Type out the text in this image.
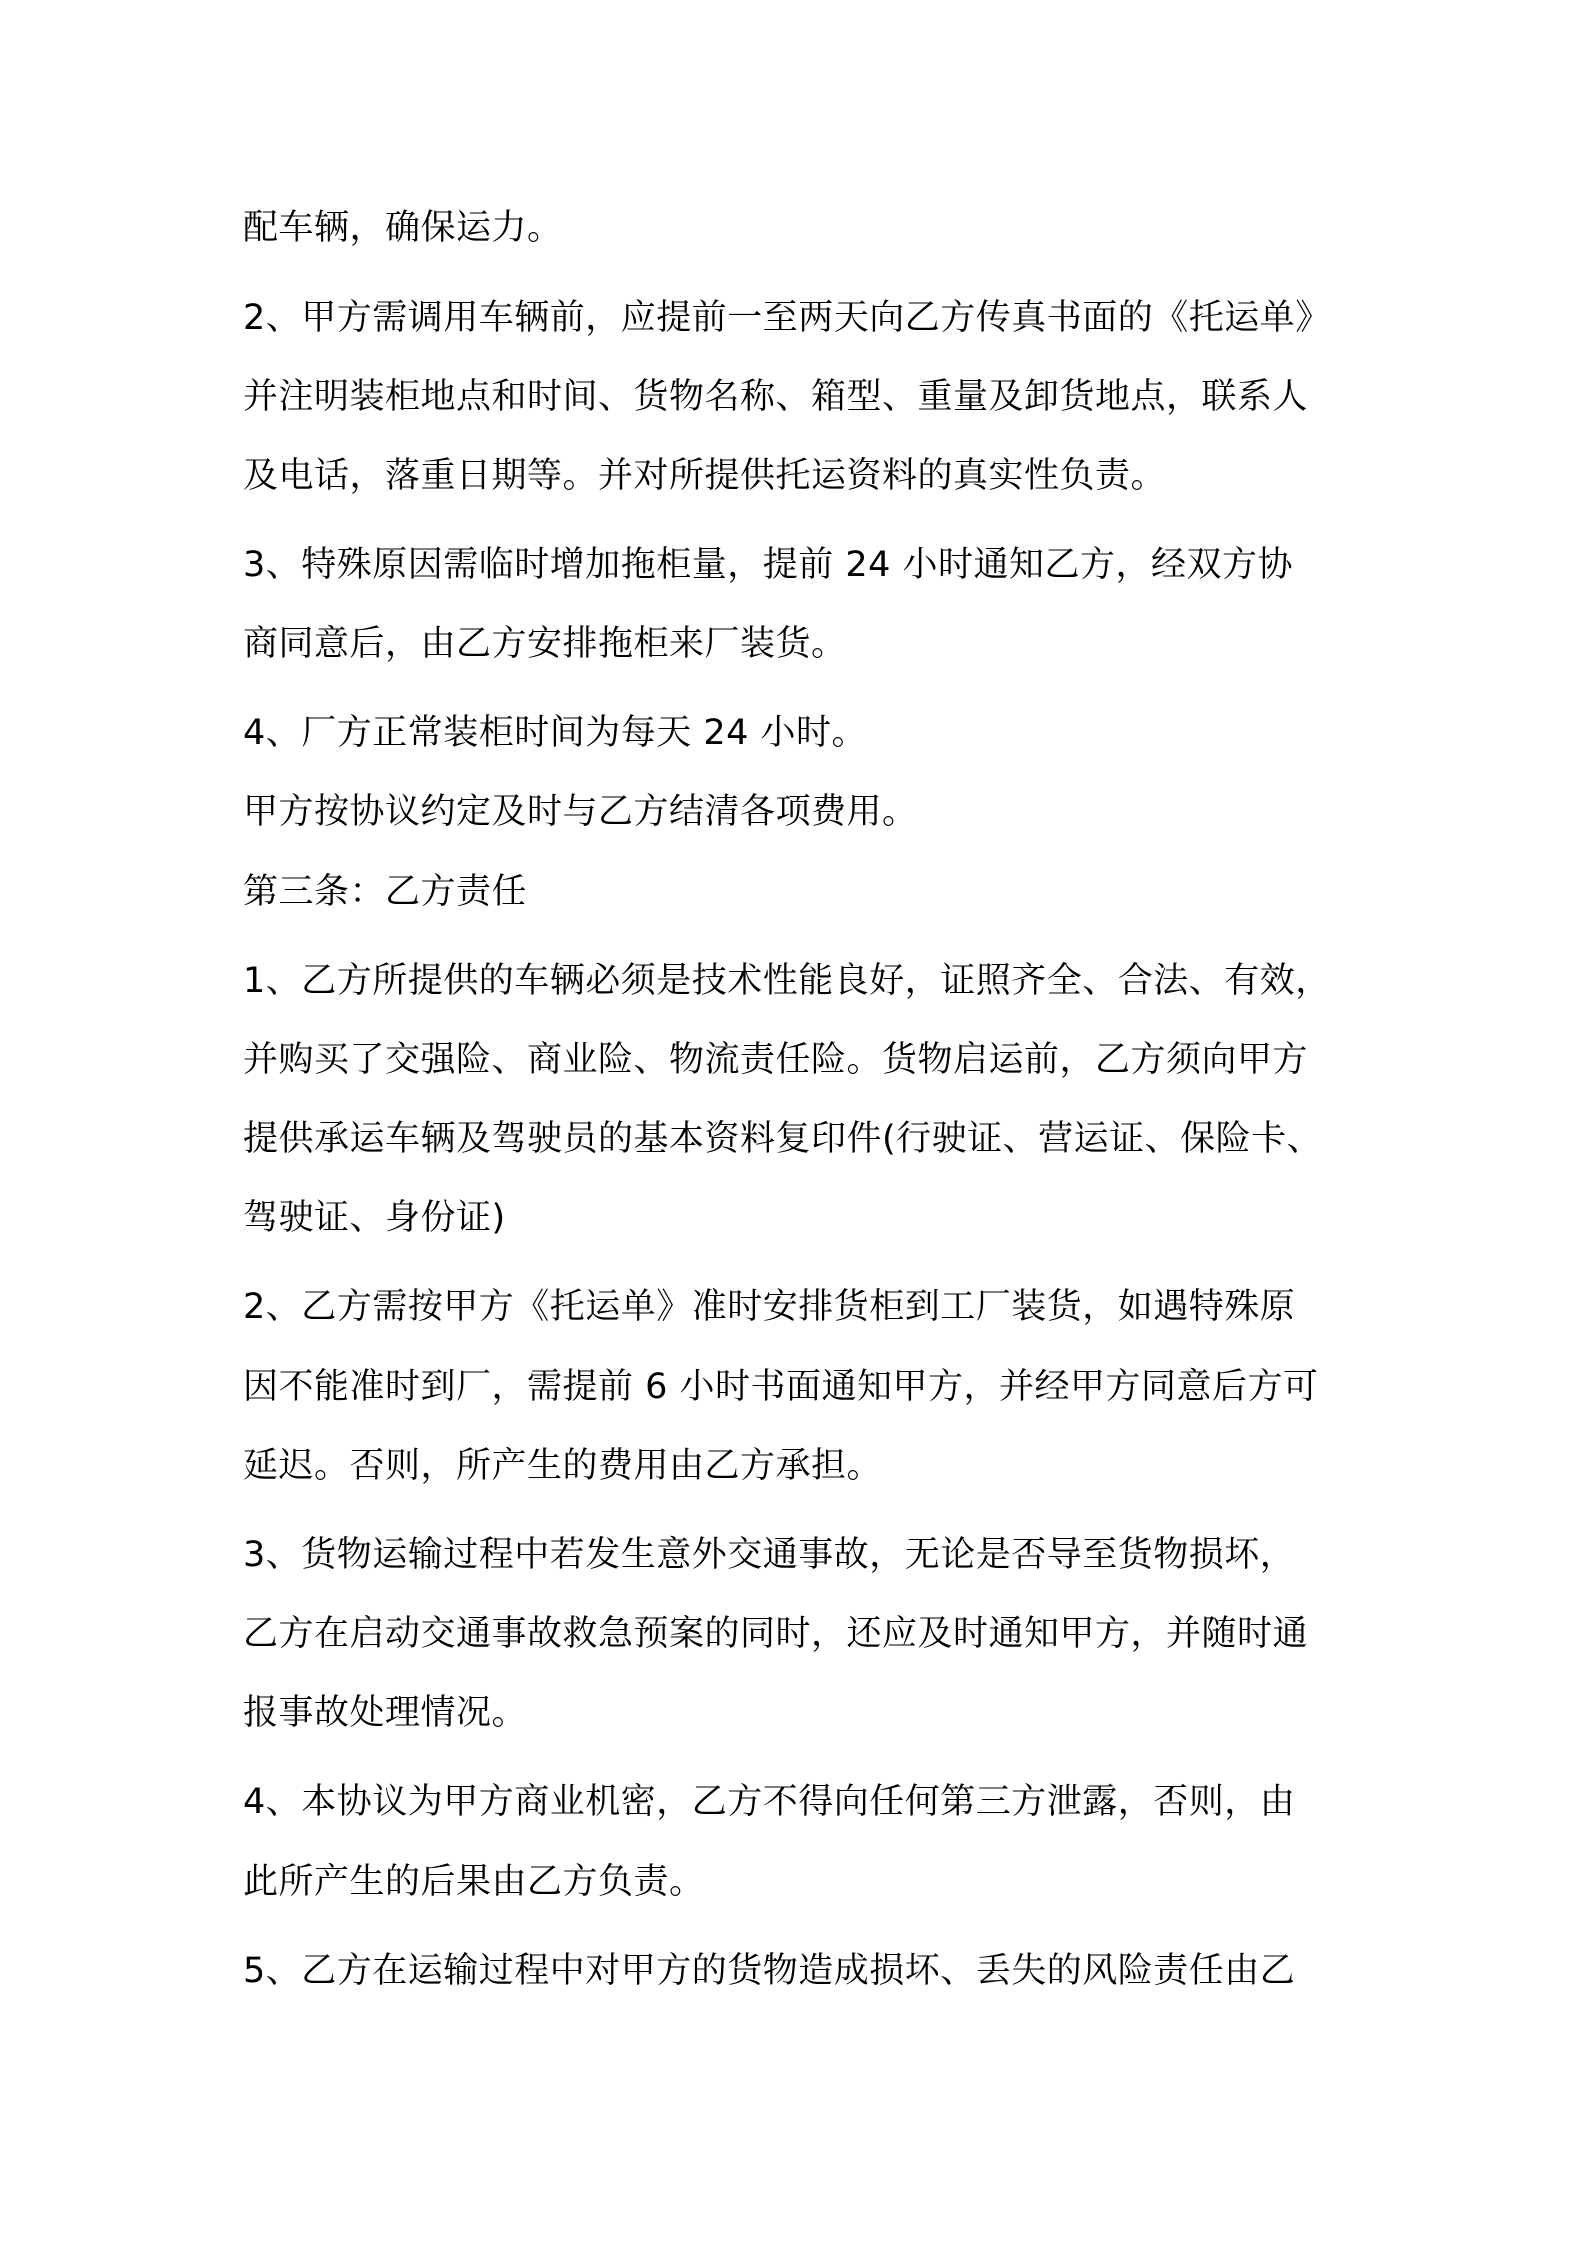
配车辆，确保运力。

2、甲方需调用车辆前，应提前一至两天向乙方传真书面的《托运单》

并注明装柜地点和时间、货物名称、箱型、重量及卸货地点，联系人

及电话，落重日期等。并对所提供托运资料的真实性负责。

3、特殊原因需临时增加拖柜量，提前 24 小时通知乙方，经双方协

商同意后，由乙方安排拖柜来厂装货。

4、厂方正常装柜时间为每天 24 小时。

甲方按协议约定及时与乙方结清各项费用。

第三条：乙方责任

1、乙方所提供的车辆必须是技术性能良好，证照齐全、合法、有效，

并购买了交强险、商业险、物流责任险。货物启运前，乙方须向甲方

提供承运车辆及驾驶员的基本资料复印件(行驶证、营运证、保险卡、

驾驶证、身份证)

2、乙方需按甲方《托运单》准时安排货柜到工厂装货，如遇特殊原

因不能准时到厂，需提前 6 小时书面通知甲方，并经甲方同意后方可

延迟。否则，所产生的费用由乙方承担。

3、货物运输过程中若发生意外交通事故，无论是否导至货物损坏，

乙方在启动交通事故救急预案的同时，还应及时通知甲方，并随时通

报事故处理情况。

4、本协议为甲方商业机密，乙方不得向任何第三方泄露，否则，由

此所产生的后果由乙方负责。

5、乙方在运输过程中对甲方的货物造成损坏、丢失的风险责任由乙
